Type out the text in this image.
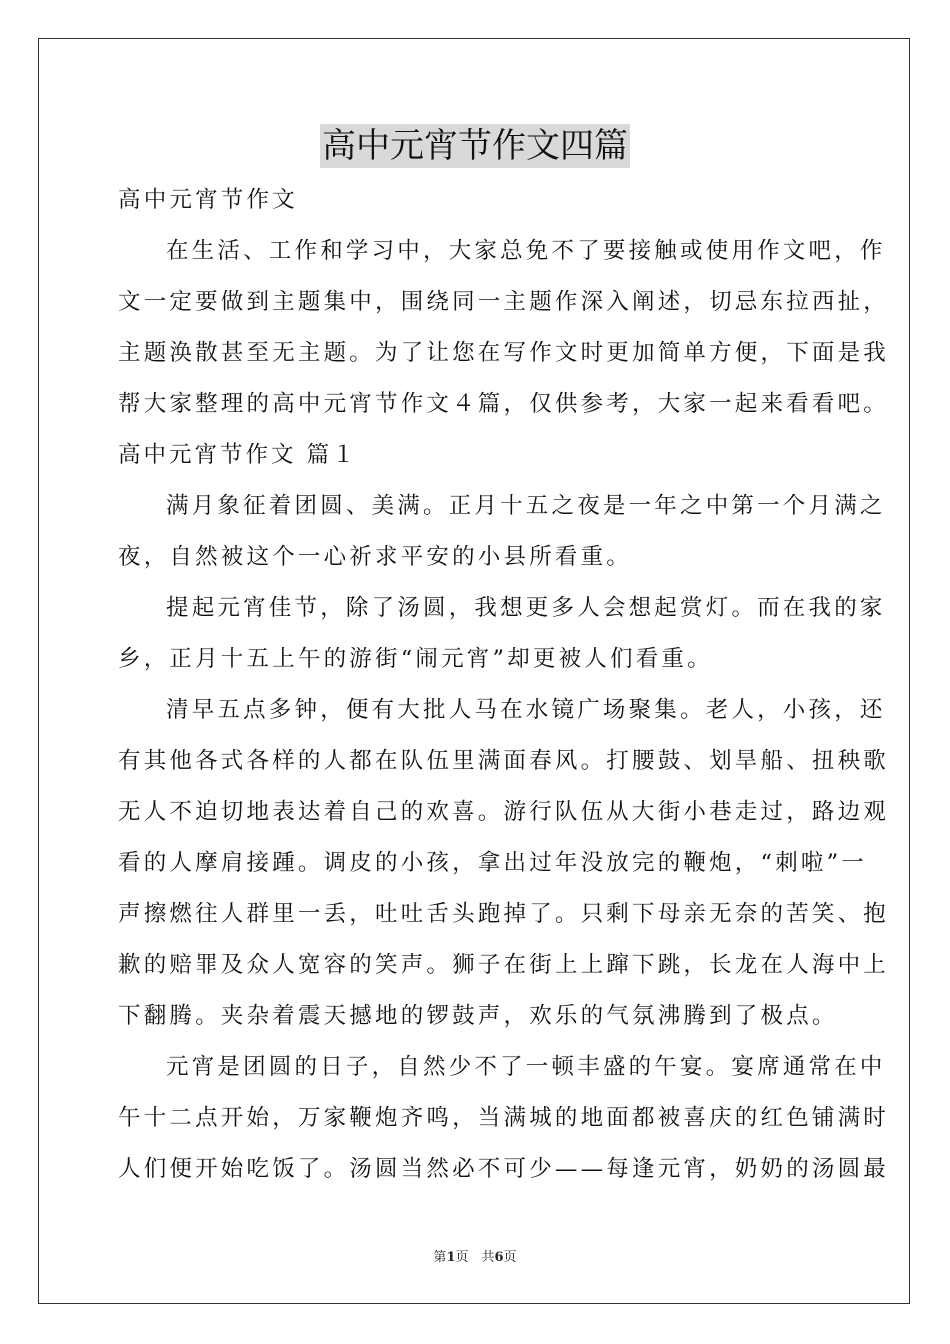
高中元宵节作文四篇
高中元宵节作文
在生活、工作和学习中，大家总免不了要接触或使用作文吧，作
文一定要做到主题集中，围绕同一主题作深入阐述，切忌东拉西扯，
主题涣散甚至无主题。为了让您在写作文时更加简单方便，下面是我
帮大家整理的高中元宵节作文４篇，仅供参考，大家一起来看看吧。
高中元宵节作文 篇１
满月象征着团圆、美满。正月十五之夜是一年之中第一个月满之
夜，自然被这个一心祈求平安的小县所看重。
提起元宵佳节，除了汤圆，我想更多人会想起赏灯。而在我的家
乡，正月十五上午的游街“闹元宵”却更被人们看重。
清早五点多钟，便有大批人马在水镜广场聚集。老人，小孩，还
有其他各式各样的人都在队伍里满面春风。打腰鼓、划旱船、扭秧歌
无人不迫切地表达着自己的欢喜。游行队伍从大街小巷走过，路边观
看的人摩肩接踵。调皮的小孩，拿出过年没放完的鞭炮，“刺啦”一
声擦燃往人群里一丢，吐吐舌头跑掉了。只剩下母亲无奈的苦笑、抱
歉的赔罪及众人宽容的笑声。狮子在街上上蹿下跳，长龙在人海中上
下翻腾。夹杂着震天撼地的锣鼓声，欢乐的气氛沸腾到了极点。
元宵是团圆的日子，自然少不了一顿丰盛的午宴。宴席通常在中
午十二点开始，万家鞭炮齐鸣，当满城的地面都被喜庆的红色铺满时
人们便开始吃饭了。汤圆当然必不可少——每逢元宵，奶奶的汤圆最
第1页　共6页
